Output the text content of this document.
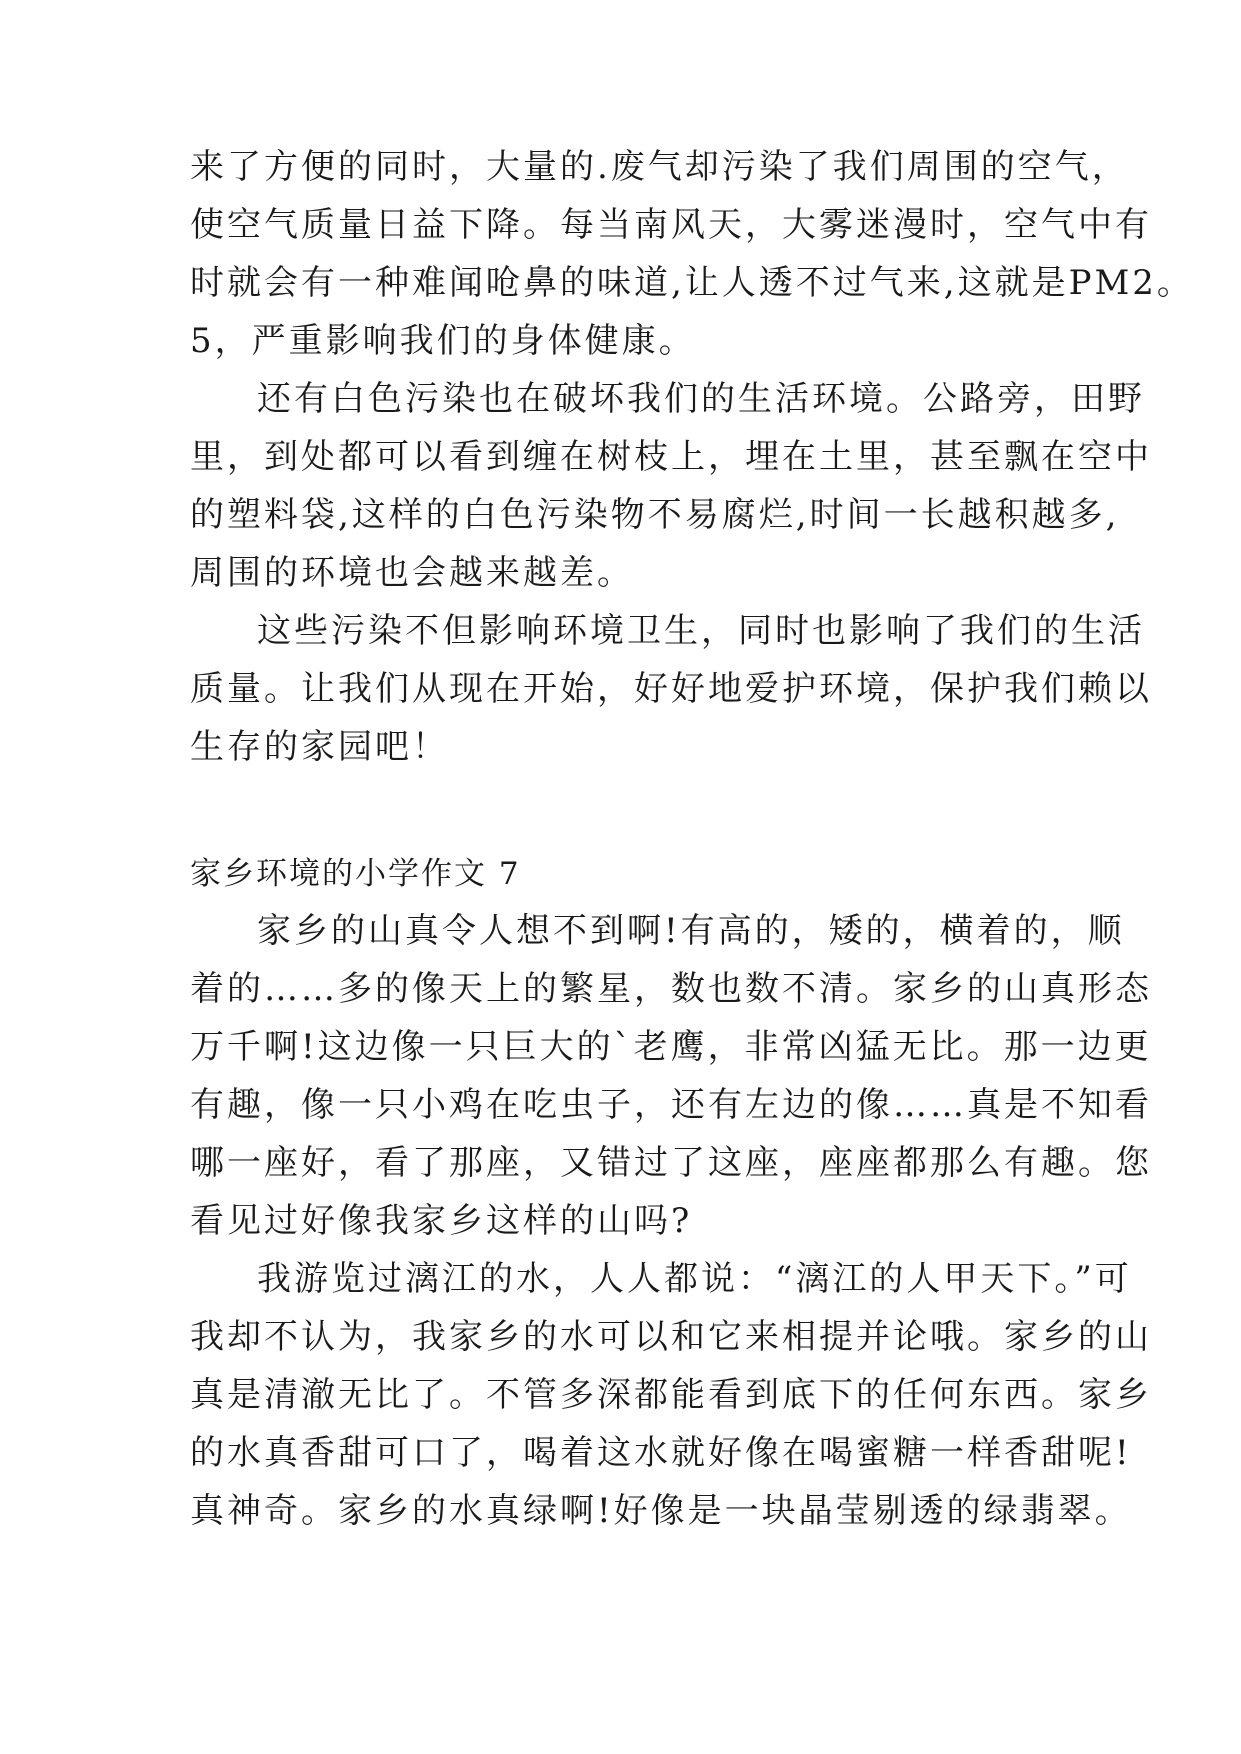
来了方便的同时，大量的.废气却污染了我们周围的空气，
使空气质量日益下降。每当南风天，大雾迷漫时，空气中有
时就会有一种难闻呛鼻的味道,让人透不过气来,这就是PM2。
5，严重影响我们的身体健康。
还有白色污染也在破坏我们的生活环境。公路旁，田野
里，到处都可以看到缠在树枝上，埋在土里，甚至飘在空中
的塑料袋,这样的白色污染物不易腐烂,时间一长越积越多,
周围的环境也会越来越差。
这些污染不但影响环境卫生，同时也影响了我们的生活
质量。让我们从现在开始，好好地爱护环境，保护我们赖以
生存的家园吧！
家乡环境的小学作文 7
家乡的山真令人想不到啊!有高的，矮的，横着的，顺
着的……多的像天上的繁星，数也数不清。家乡的山真形态
万千啊!这边像一只巨大的`老鹰，非常凶猛无比。那一边更
有趣，像一只小鸡在吃虫子，还有左边的像……真是不知看
哪一座好，看了那座，又错过了这座，座座都那么有趣。您
看见过好像我家乡这样的山吗?
我游览过漓江的水，人人都说：“漓江的人甲天下。”可
我却不认为，我家乡的水可以和它来相提并论哦。家乡的山
真是清澈无比了。不管多深都能看到底下的任何东西。家乡
的水真香甜可口了，喝着这水就好像在喝蜜糖一样香甜呢!
真神奇。家乡的水真绿啊!好像是一块晶莹剔透的绿翡翠。
